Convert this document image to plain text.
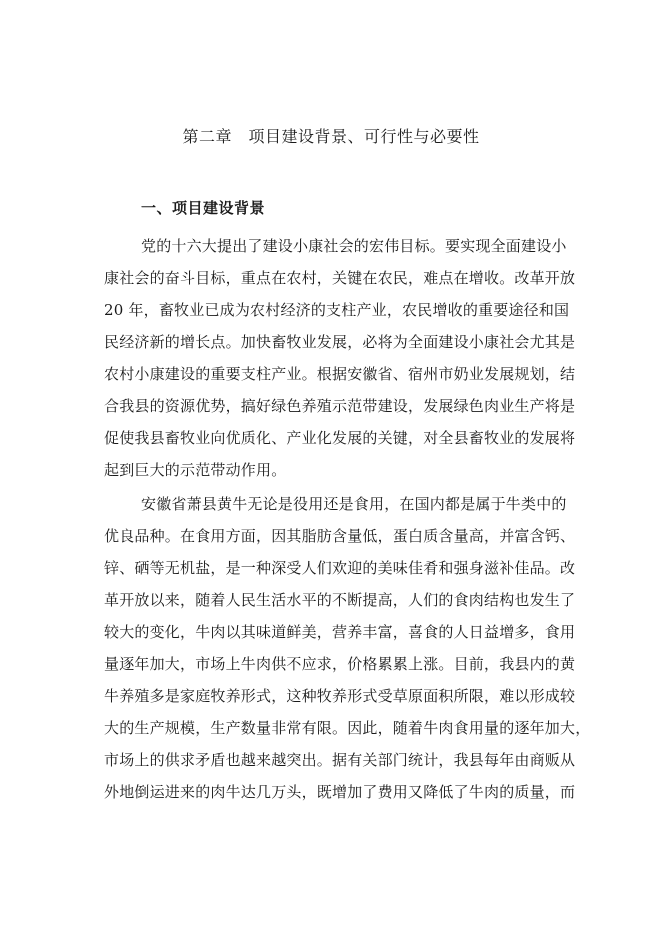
第二章　项目建设背景、可行性与必要性
一、项目建设背景
党的十六大提出了建设小康社会的宏伟目标。要实现全面建设小
康社会的奋斗目标，重点在农村，关键在农民，难点在增收。改革开放
20 年，畜牧业已成为农村经济的支柱产业，农民增收的重要途径和国
民经济新的增长点。加快畜牧业发展，必将为全面建设小康社会尤其是
农村小康建设的重要支柱产业。根据安徽省、宿州市奶业发展规划，结
合我县的资源优势，搞好绿色养殖示范带建设，发展绿色肉业生产将是
促使我县畜牧业向优质化、产业化发展的关键，对全县畜牧业的发展将
起到巨大的示范带动作用。
安徽省萧县黄牛无论是役用还是食用，在国内都是属于牛类中的
优良品种。在食用方面，因其脂肪含量低，蛋白质含量高，并富含钙、
锌、硒等无机盐，是一种深受人们欢迎的美味佳肴和强身滋补佳品。改
革开放以来，随着人民生活水平的不断提高，人们的食肉结构也发生了
较大的变化，牛肉以其味道鲜美，营养丰富，喜食的人日益增多，食用
量逐年加大，市场上牛肉供不应求，价格累累上涨。目前，我县内的黄
牛养殖多是家庭牧养形式，这种牧养形式受草原面积所限，难以形成较
大的生产规模，生产数量非常有限。因此，随着牛肉食用量的逐年加大，
市场上的供求矛盾也越来越突出。据有关部门统计，我县每年由商贩从
外地倒运进来的肉牛达几万头，既增加了费用又降低了牛肉的质量，而
